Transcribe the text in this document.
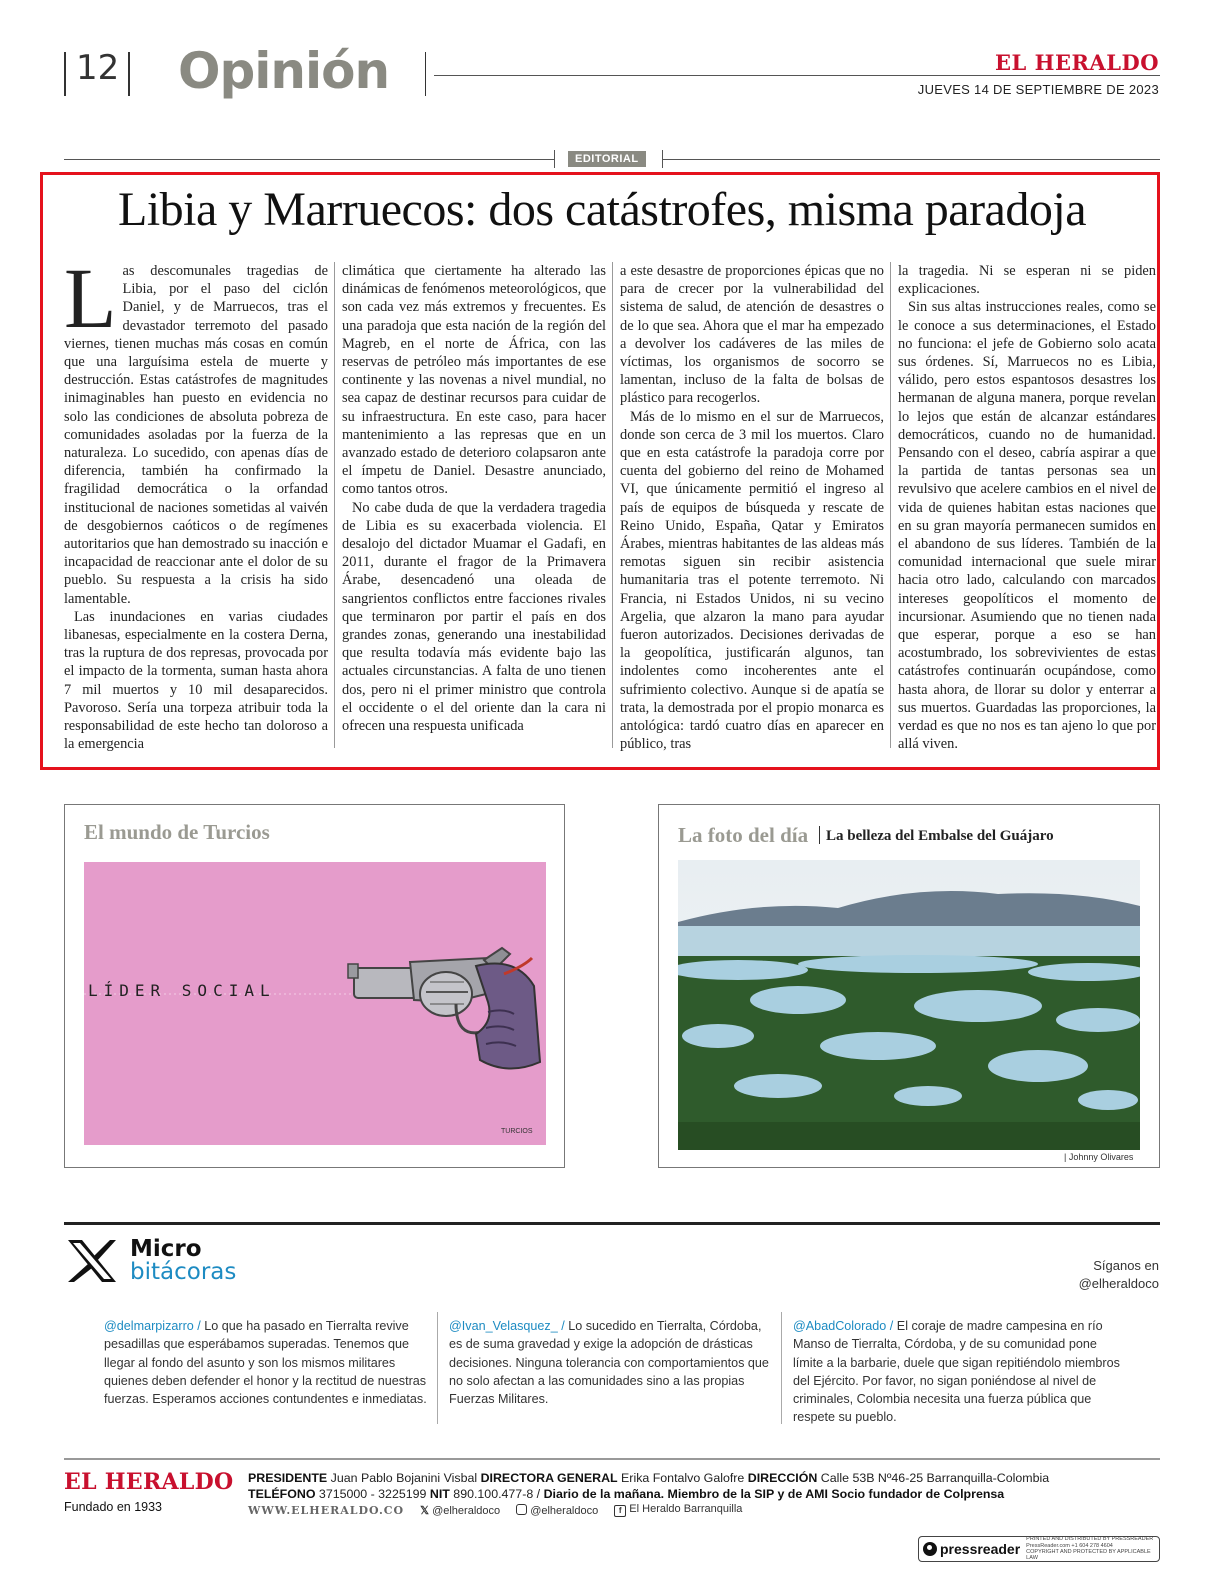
12 Opinión	EL HERALDO
JUEVES 14 DE SEPTIEMBRE DE 2023
EDITORIAL
Libia y Marruecos: dos catástrofes, misma paradoja

Las descomunales tragedias de Libia, por el paso del ciclón Daniel, y de Marruecos, tras el devastador terremoto del pasado viernes, tienen muchas más cosas en común que una larguísima estela de muerte y destrucción. Estas catástrofes de magnitudes inimaginables han puesto en evidencia no solo las condiciones de absoluta pobreza de comunidades asoladas por la fuerza de la naturaleza. Lo sucedido, con apenas días de diferencia, también ha confirmado la fragilidad democrática o la orfandad institucional de naciones sometidas al vaivén de desgobiernos caóticos o de regímenes autoritarios que han demostrado su inacción e incapacidad de reaccionar ante el dolor de su pueblo. Su respuesta a la crisis ha sido lamentable.

Las inundaciones en varias ciudades libanesas, especialmente en la costera Derna, tras la ruptura de dos represas, provocada por el impacto de la tormenta, suman hasta ahora 7 mil muertos y 10 mil desaparecidos. Pavoroso. Sería una torpeza atribuir toda la responsabilidad de este hecho tan doloroso a la emergencia

climática que ciertamente ha alterado las dinámicas de fenómenos meteorológicos, que son cada vez más extremos y frecuentes. Es una paradoja que esta nación de la región del Magreb, en el norte de África, con las reservas de petróleo más importantes de ese continente y las novenas a nivel mundial, no sea capaz de destinar recursos para cuidar de su infraestructura. En este caso, para hacer mantenimiento a las represas que en un avanzado estado de deterioro colapsaron ante el ímpetu de Daniel. Desastre anunciado, como tantos otros.

No cabe duda de que la verdadera tragedia de Libia es su exacerbada violencia. El desalojo del dictador Muamar el Gadafi, en 2011, durante el fragor de la Primavera Árabe, desencadenó una oleada de sangrientos conflictos entre facciones rivales que terminaron por partir el país en dos grandes zonas, generando una inestabilidad que resulta todavía más evidente bajo las actuales circunstancias. A falta de uno tienen dos, pero ni el primer ministro que controla el occidente o el del oriente dan la cara ni ofrecen una respuesta unificada

a este desastre de proporciones épicas que no para de crecer por la vulnerabilidad del sistema de salud, de atención de desastres o de lo que sea. Ahora que el mar ha empezado a devolver los cadáveres de las miles de víctimas, los organismos de socorro se lamentan, incluso de la falta de bolsas de plástico para recogerlos.

Más de lo mismo en el sur de Marruecos, donde son cerca de 3 mil los muertos. Claro que en esta catástrofe la paradoja corre por cuenta del gobierno del reino de Mohamed VI, que únicamente permitió el ingreso al país de equipos de búsqueda y rescate de Reino Unido, España, Qatar y Emiratos Árabes, mientras habitantes de las aldeas más remotas siguen sin recibir asistencia humanitaria tras el potente terremoto. Ni Francia, ni Estados Unidos, ni su vecino Argelia, que alzaron la mano para ayudar fueron autorizados. Decisiones derivadas de la geopolítica, justificarán algunos, tan indolentes como incoherentes ante el sufrimiento colectivo. Aunque si de apatía se trata, la demostrada por el propio monarca es antológica: tardó cuatro días en aparecer en público, tras

la tragedia. Ni se esperan ni se piden explicaciones.

Sin sus altas instrucciones reales, como se le conoce a sus determinaciones, el Estado no funciona: el jefe de Gobierno solo acata sus órdenes. Sí, Marruecos no es Libia, válido, pero estos espantosos desastres los hermanan de alguna manera, porque revelan lo lejos que están de alcanzar estándares democráticos, cuando no de humanidad. Pensando con el deseo, cabría aspirar a que la partida de tantas personas sea un revulsivo que acelere cambios en el nivel de vida de quienes habitan estas naciones que en su gran mayoría permanecen sumidos en el abandono de sus líderes. También de la comunidad internacional que suele mirar hacia otro lado, calculando con marcados intereses geopolíticos el momento de incursionar. Asumiendo que no tienen nada que esperar, porque a eso se han acostumbrado, los sobrevivientes de estas catástrofes continuarán ocupándose, como hasta ahora, de llorar su dolor y enterrar a sus muertos. Guardadas las proporciones, la verdad es que no nos es tan ajeno lo que por allá viven.

El mundo de Turcios
LÍDER SOCIAL
TURCIOS
La foto del día La belleza del Embalse del Guájaro
| Johnny Olivares
Micro
bitácoras	Síganos en
@elheraldoco
@delmarpizarro / Lo que ha pasado en Tierralta revive pesadillas que esperábamos superadas. Tenemos que llegar al fondo del asunto y son los mismos militares quienes deben defender el honor y la rectitud de nuestras fuerzas. Esperamos acciones contundentes e inmediatas.
@Ivan_Velasquez_ / Lo sucedido en Tierralta, Córdoba, es de suma gravedad y exige la adopción de drásticas decisiones. Ninguna tolerancia con comportamientos que no solo afectan a las comunidades sino a las propias Fuerzas Militares.
@AbadColorado / El coraje de madre campesina en río Manso de Tierralta, Córdoba, y de su comunidad pone límite a la barbarie, duele que sigan repitiéndolo miembros del Ejército. Por favor, no sigan poniéndose al nivel de criminales, Colombia necesita una fuerza pública que respete su pueblo.
EL HERALDO
Fundado en 1933
PRESIDENTE Juan Pablo Bojanini Visbal DIRECTORA GENERAL Erika Fontalvo Galofre DIRECCIÓN Calle 53B Nº46-25 Barranquilla-Colombia
TELÉFONO 3715000 - 3225199 NIT 890.100.477-8 / Diario de la mañana. Miembro de la SIP y de AMI Socio fundador de Colprensa
WWW.ELHERALDO.CO 𝕏 @elheraldoco	@elheraldoco	f El Heraldo Barranquilla
pressreader
PRINTED AND DISTRIBUTED BY PRESSREADER
PressReader.com +1 604 278 4604
COPYRIGHT AND PROTECTED BY APPLICABLE LAW
